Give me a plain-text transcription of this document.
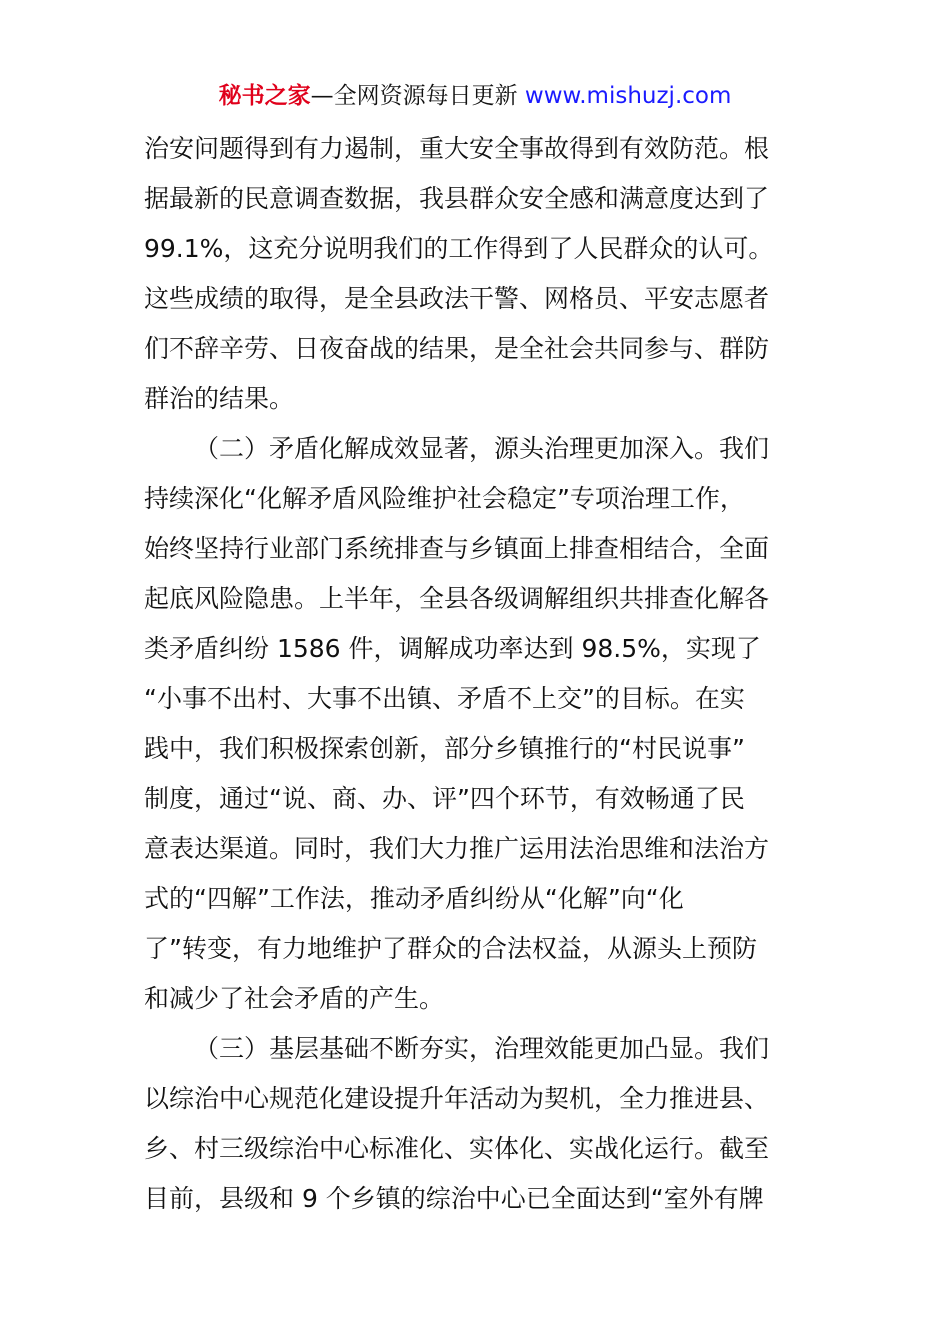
秘书之家—全网资源每日更新 www.mishuzj.com
治安问题得到有力遏制，重大安全事故得到有效防范。根
据最新的民意调查数据，我县群众安全感和满意度达到了
99.1%，这充分说明我们的工作得到了人民群众的认可。
这些成绩的取得，是全县政法干警、网格员、平安志愿者
们不辞辛劳、日夜奋战的结果，是全社会共同参与、群防
群治的结果。
（二）矛盾化解成效显著，源头治理更加深入。我们
持续深化“化解矛盾风险维护社会稳定”专项治理工作，
始终坚持行业部门系统排查与乡镇面上排查相结合，全面
起底风险隐患。上半年，全县各级调解组织共排查化解各
类矛盾纠纷 1586 件，调解成功率达到 98.5%，实现了
“小事不出村、大事不出镇、矛盾不上交”的目标。在实
践中，我们积极探索创新，部分乡镇推行的“村民说事”
制度，通过“说、商、办、评”四个环节，有效畅通了民
意表达渠道。同时，我们大力推广运用法治思维和法治方
式的“四解”工作法，推动矛盾纠纷从“化解”向“化
了”转变，有力地维护了群众的合法权益，从源头上预防
和减少了社会矛盾的产生。
（三）基层基础不断夯实，治理效能更加凸显。我们
以综治中心规范化建设提升年活动为契机，全力推进县、
乡、村三级综治中心标准化、实体化、实战化运行。截至
目前，县级和 9 个乡镇的综治中心已全面达到“室外有牌
